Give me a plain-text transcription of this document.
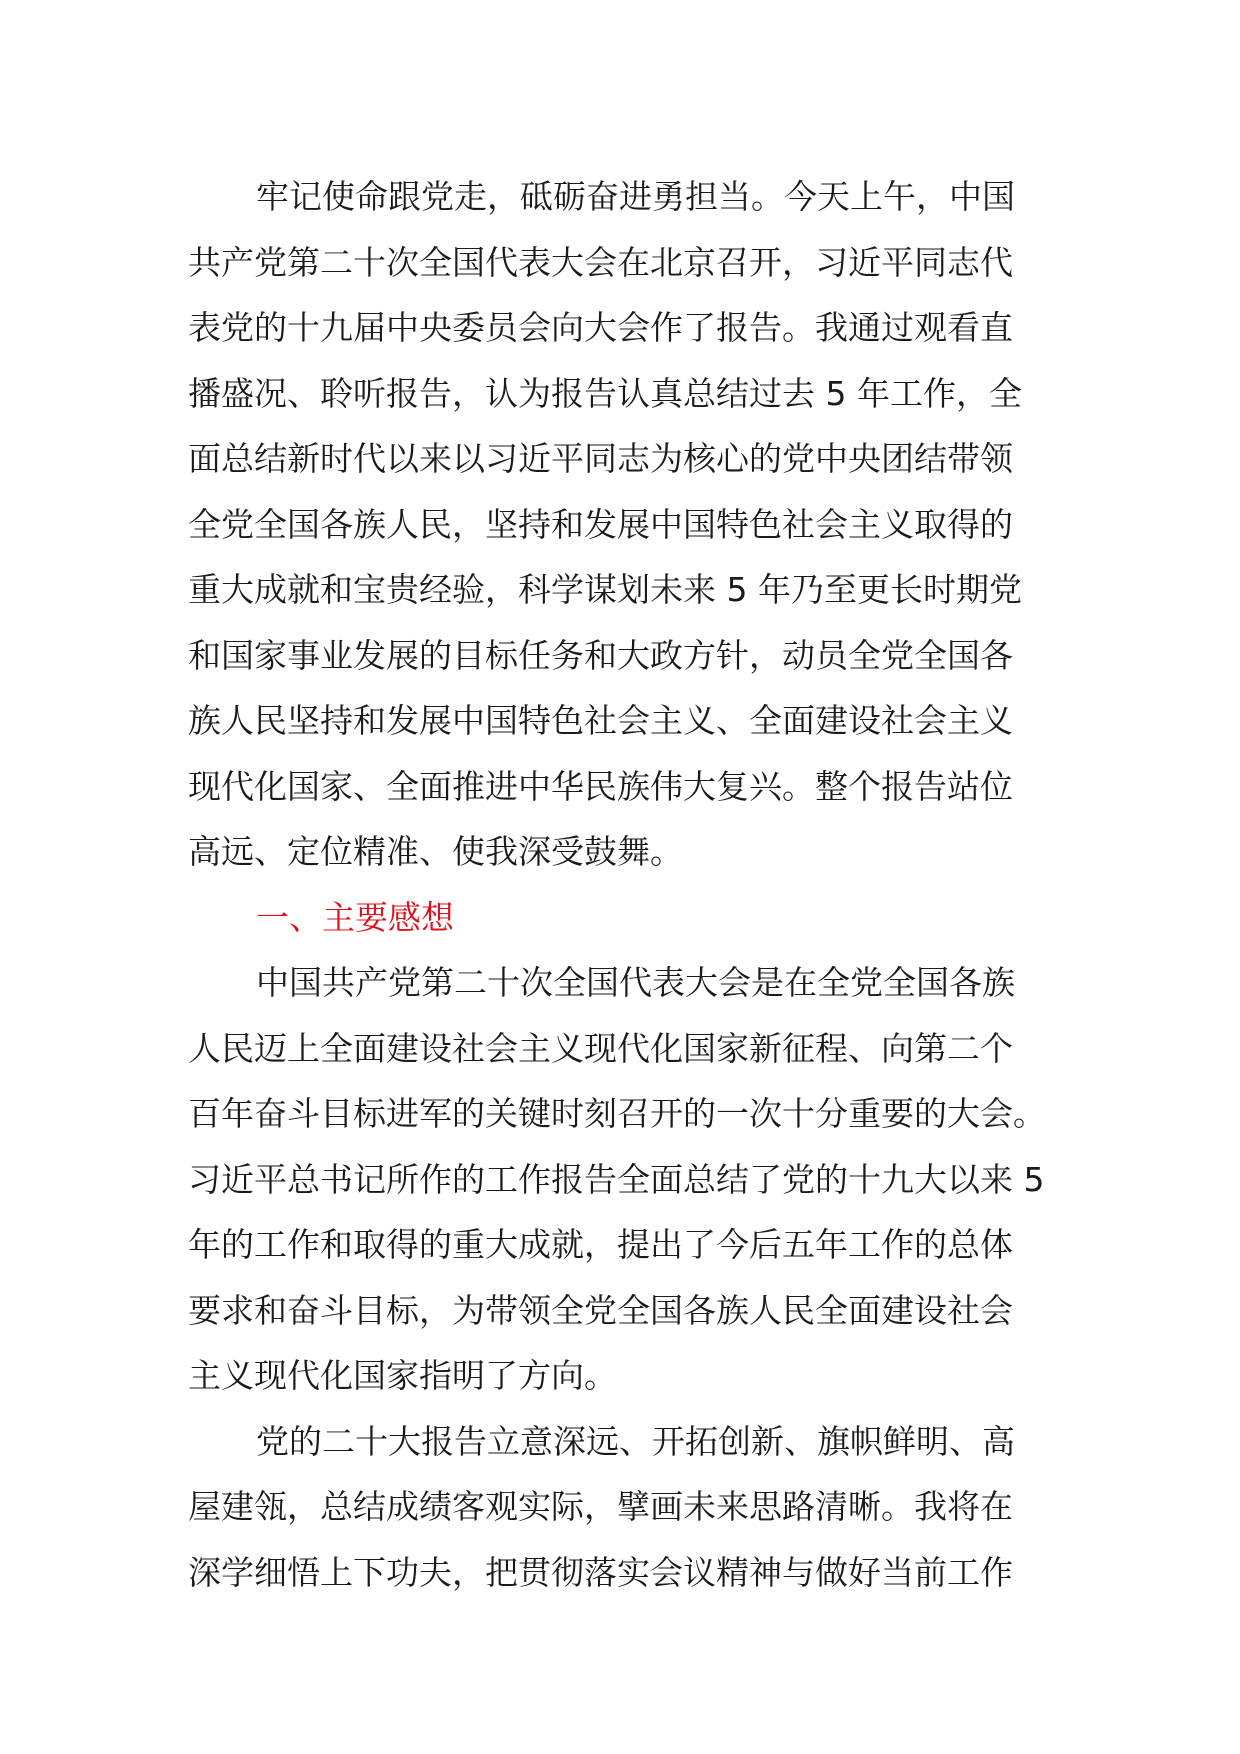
牢记使命跟党走，砥砺奋进勇担当。今天上午，中国
共产党第二十次全国代表大会在北京召开，习近平同志代
表党的十九届中央委员会向大会作了报告。我通过观看直
播盛况、聆听报告，认为报告认真总结过去 5 年工作，全
面总结新时代以来以习近平同志为核心的党中央团结带领
全党全国各族人民，坚持和发展中国特色社会主义取得的
重大成就和宝贵经验，科学谋划未来 5 年乃至更长时期党
和国家事业发展的目标任务和大政方针，动员全党全国各
族人民坚持和发展中国特色社会主义、全面建设社会主义
现代化国家、全面推进中华民族伟大复兴。整个报告站位
高远、定位精准、使我深受鼓舞。
一、主要感想
中国共产党第二十次全国代表大会是在全党全国各族
人民迈上全面建设社会主义现代化国家新征程、向第二个
百年奋斗目标进军的关键时刻召开的一次十分重要的大会。
习近平总书记所作的工作报告全面总结了党的十九大以来 5
年的工作和取得的重大成就，提出了今后五年工作的总体
要求和奋斗目标，为带领全党全国各族人民全面建设社会
主义现代化国家指明了方向。
党的二十大报告立意深远、开拓创新、旗帜鲜明、高
屋建瓴，总结成绩客观实际，擘画未来思路清晰。我将在
深学细悟上下功夫，把贯彻落实会议精神与做好当前工作
